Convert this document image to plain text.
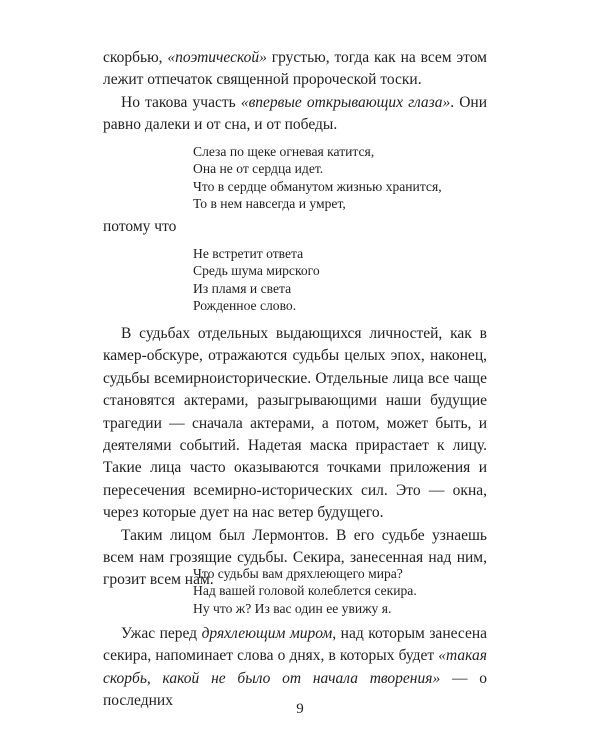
скорбью, «поэтической» грустью, тогда как на всем этом лежит отпечаток священной пророческой тоски.

Но такова участь «впервые открывающих глаза». Они равно далеки и от сна, и от победы.

Слеза по щеке огневая катится,
Она не от сердца идет.
Что в сердце обманутом жизнью хранится,
То в нем навсегда и умрет,

потому что

Не встретит ответа
Средь шума мирского
Из пламя и света
Рожденное слово.

В судьбах отдельных выдающихся личностей, как в камер-обскуре, отражаются судьбы целых эпох, наконец, судьбы всемирноисторические. Отдельные лица все чаще становятся актерами, разыгрывающими наши будущие трагедии — сначала актерами, а потом, может быть, и деятелями событий. Надетая маска прирастает к лицу. Такие лица часто оказываются точками приложения и пересечения всемирно-исторических сил. Это — окна, через которые дует на нас ветер будущего.

Таким лицом был Лермонтов. В его судьбе узнаешь всем нам грозящие судьбы. Секира, занесенная над ним, грозит всем нам.

Что судьбы вам дряхлеющего мира?
Над вашей головой колеблется секира.
Ну что ж? Из вас один ее увижу я.

Ужас перед дряхлеющим миром, над которым занесена секира, напоминает слова о днях, в которых будет «такая скорбь, какой не было от начала творения» — о последних	9
